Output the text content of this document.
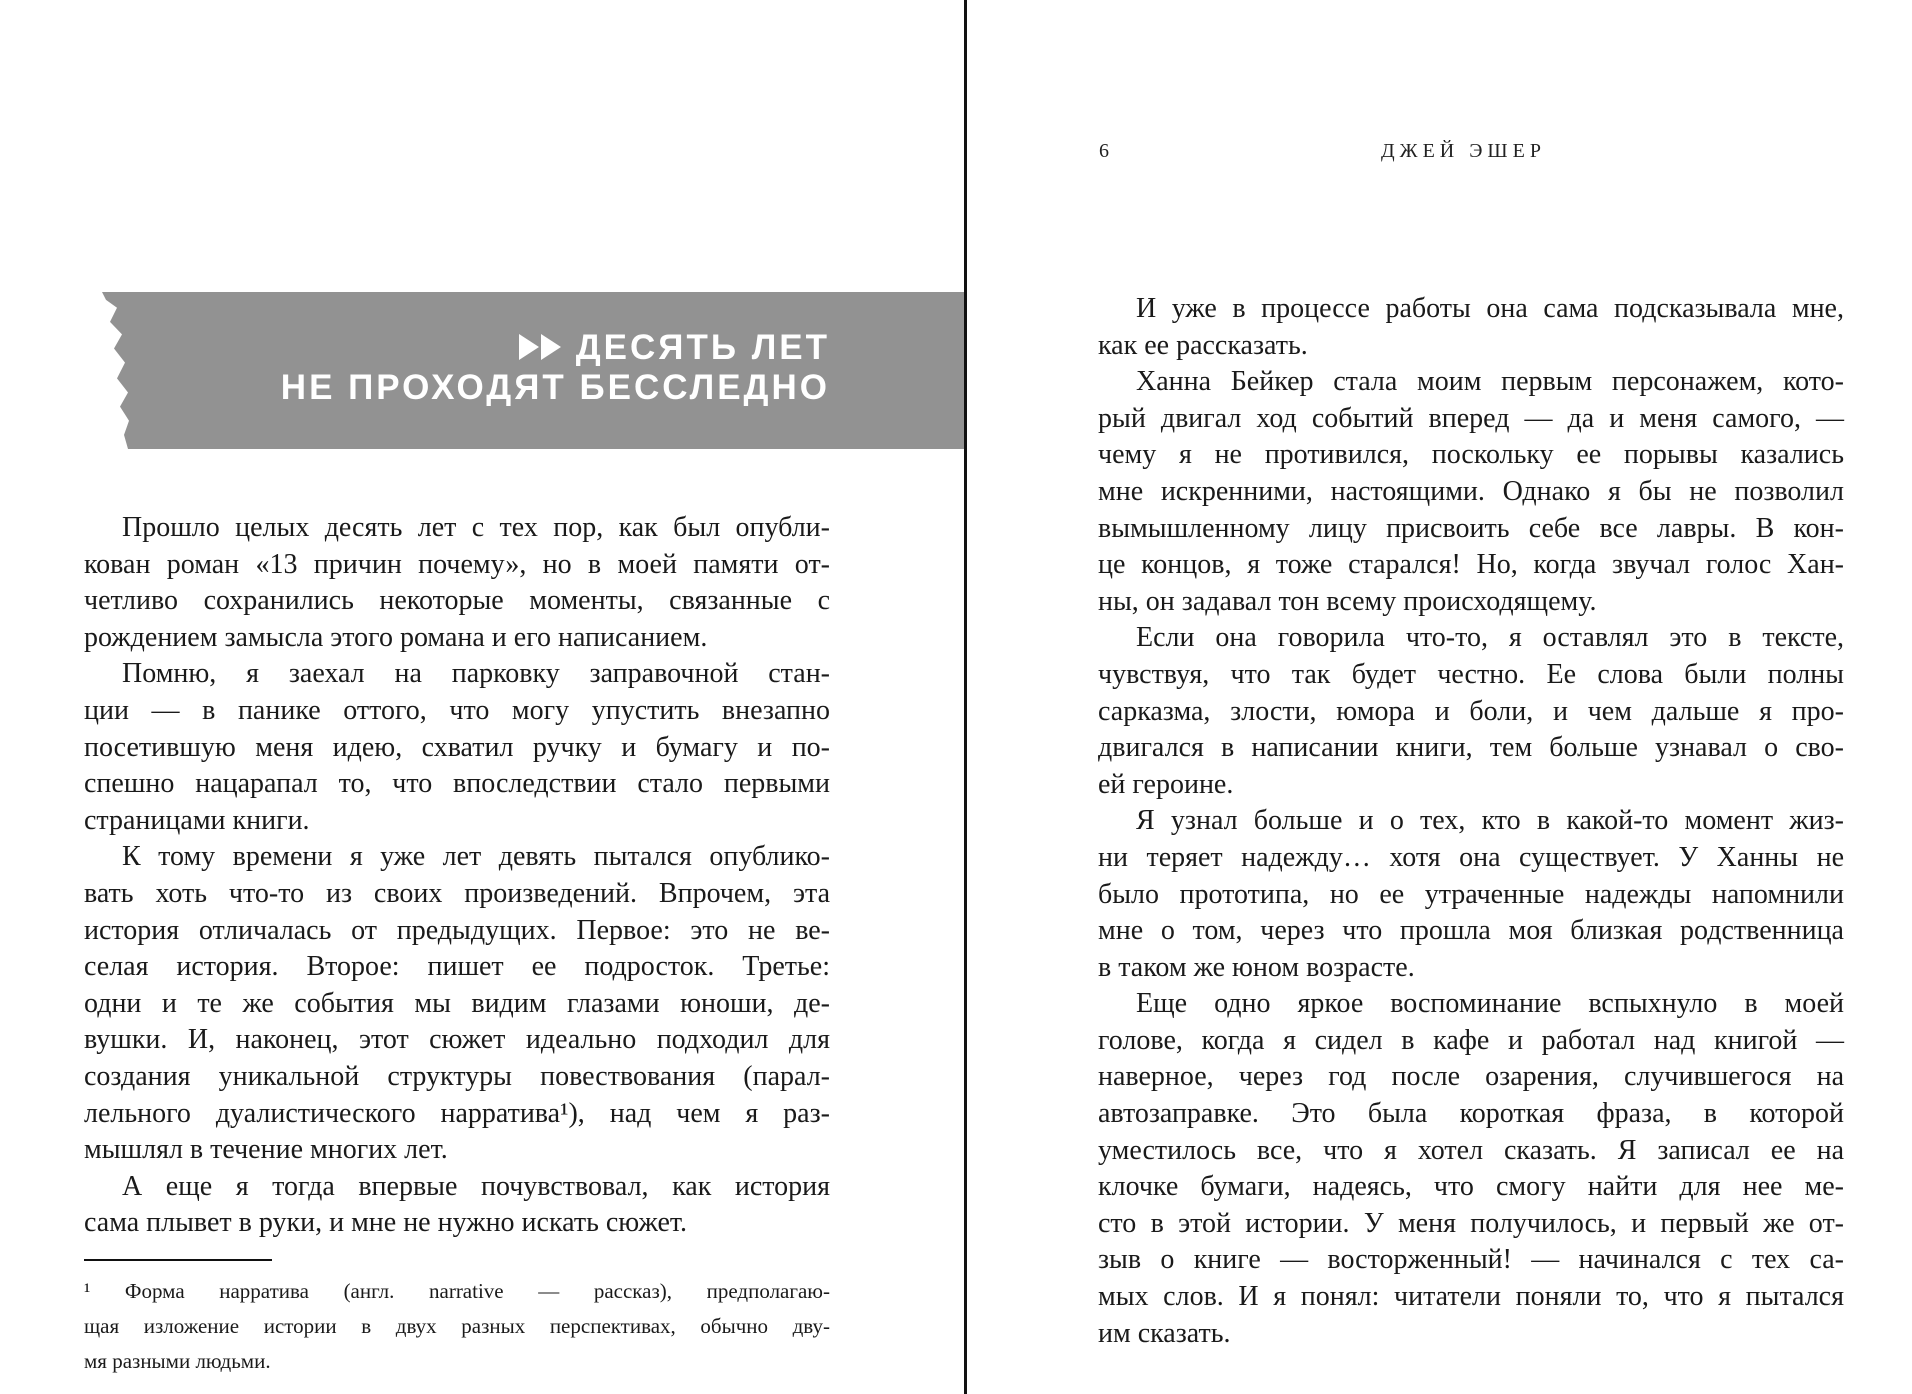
ДЕСЯТЬ ЛЕТ
НЕ ПРОХОДЯТ БЕССЛЕДНО
Прошло целых десять лет с тех пор, как был опубли-
кован роман «13 причин почему», но в моей памяти от-
четливо сохранились некоторые моменты, связанные с
рождением замысла этого романа и его написанием.
Помню, я заехал на парковку заправочной стан-
ции — в панике оттого, что могу упустить внезапно
посетившую меня идею, схватил ручку и бумагу и по-
спешно нацарапал то, что впоследствии стало первыми
страницами книги.
К тому времени я уже лет девять пытался опублико-
вать хоть что-то из своих произведений. Впрочем, эта
история отличалась от предыдущих. Первое: это не ве-
селая история. Второе: пишет ее подросток. Третье:
одни и те же события мы видим глазами юноши, де-
вушки. И, наконец, этот сюжет идеально подходил для
создания уникальной структуры повествования (парал-
лельного дуалистического нарратива¹), над чем я раз-
мышлял в течение многих лет.
А еще я тогда впервые почувствовал, как история
сама плывет в руки, и мне не нужно искать сюжет.
¹ Форма нарратива (англ. narrative — рассказ), предполагаю-
щая изложение истории в двух разных перспективах, обычно дву-
мя разными людьми.
6	ДЖЕЙ ЭШЕР
И уже в процессе работы она сама подсказывала мне,
как ее рассказать.
Ханна Бейкер стала моим первым персонажем, кото-
рый двигал ход событий вперед — да и меня самого, —
чему я не противился, поскольку ее порывы казались
мне искренними, настоящими. Однако я бы не позволил
вымышленному лицу присвоить себе все лавры. В кон-
це концов, я тоже старался! Но, когда звучал голос Хан-
ны, он задавал тон всему происходящему.
Если она говорила что-то, я оставлял это в тексте,
чувствуя, что так будет честно. Ее слова были полны
сарказма, злости, юмора и боли, и чем дальше я про-
двигался в написании книги, тем больше узнавал о сво-
ей героине.
Я узнал больше и о тех, кто в какой-то момент жиз-
ни теряет надежду… хотя она существует. У Ханны не
было прототипа, но ее утраченные надежды напомнили
мне о том, через что прошла моя близкая родственница
в таком же юном возрасте.
Еще одно яркое воспоминание вспыхнуло в моей
голове, когда я сидел в кафе и работал над книгой —
наверное, через год после озарения, случившегося на
автозаправке. Это была короткая фраза, в которой
уместилось все, что я хотел сказать. Я записал ее на
клочке бумаги, надеясь, что смогу найти для нее ме-
сто в этой истории. У меня получилось, и первый же от-
зыв о книге — восторженный! — начинался с тех са-
мых слов. И я понял: читатели поняли то, что я пытался
им сказать.
